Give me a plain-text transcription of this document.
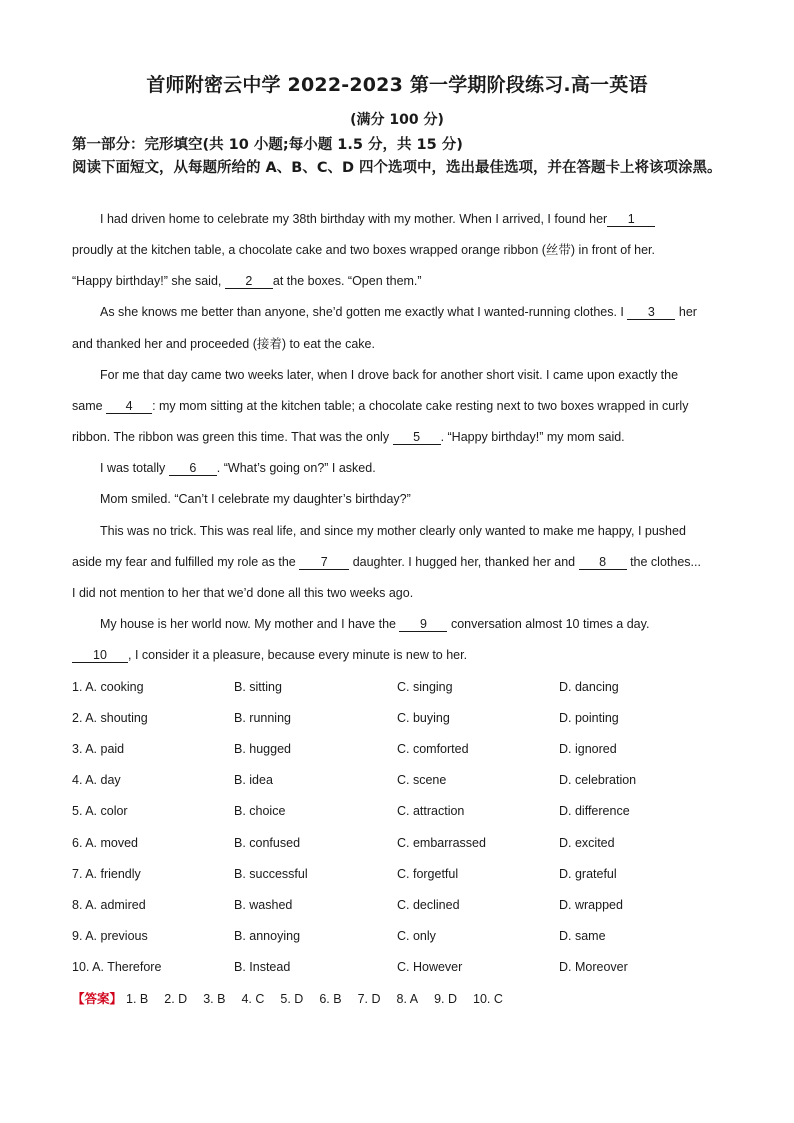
首师附密云中学 2022-2023 第一学期阶段练习.高一英语
(满分 100 分)
第一部分：完形填空(共 10 小题;每小题 1.5 分，共 15 分)
阅读下面短文，从每题所给的 A、B、C、D 四个选项中，选出最佳选项，并在答题卡上将该项涂黑。
I had driven home to celebrate my 38th birthday with my mother. When I arrived, I found her 1
proudly at the kitchen table, a chocolate cake and two boxes wrapped orange ribbon (丝带) in front of her.
“Happy birthday!” she said, 2 at the boxes. “Open them.”
As she knows me better than anyone, she’d gotten me exactly what I wanted-running clothes. I 3 her
and thanked her and proceeded (接着) to eat the cake.
For me that day came two weeks later, when I drove back for another short visit. I came upon exactly the
same 4 : my mom sitting at the kitchen table; a chocolate cake resting next to two boxes wrapped in curly
ribbon. The ribbon was green this time. That was the only 5 . “Happy birthday!” my mom said.
I was totally 6 . “What’s going on?” I asked.
Mom smiled. “Can’t I celebrate my daughter’s birthday?”
This was no trick. This was real life, and since my mother clearly only wanted to make me happy, I pushed
aside my fear and fulfilled my role as the 7 daughter. I hugged her, thanked her and 8 the clothes...
I did not mention to her that we’d done all this two weeks ago.
My house is her world now. My mother and I have the 9 conversation almost 10 times a day.
10 , I consider it a pleasure, because every minute is new to her.
1. A. cooking	B. sitting	C. singing	D. dancing
2. A. shouting	B. running	C. buying	D. pointing
3. A. paid	B. hugged	C. comforted	D. ignored
4. A. day	B. idea	C. scene	D. celebration
5. A. color	B. choice	C. attraction	D. difference
6. A. moved	B. confused	C. embarrassed	D. excited
7. A. friendly	B. successful	C. forgetful	D. grateful
8. A. admired	B. washed	C. declined	D. wrapped
9. A. previous	B. annoying	C. only	D. same
10. A. Therefore	B. Instead	C. However	D. Moreover
【答案】 1. B 2. D 3. B 4. C 5. D 6. B 7. D 8. A 9. D 10. C
